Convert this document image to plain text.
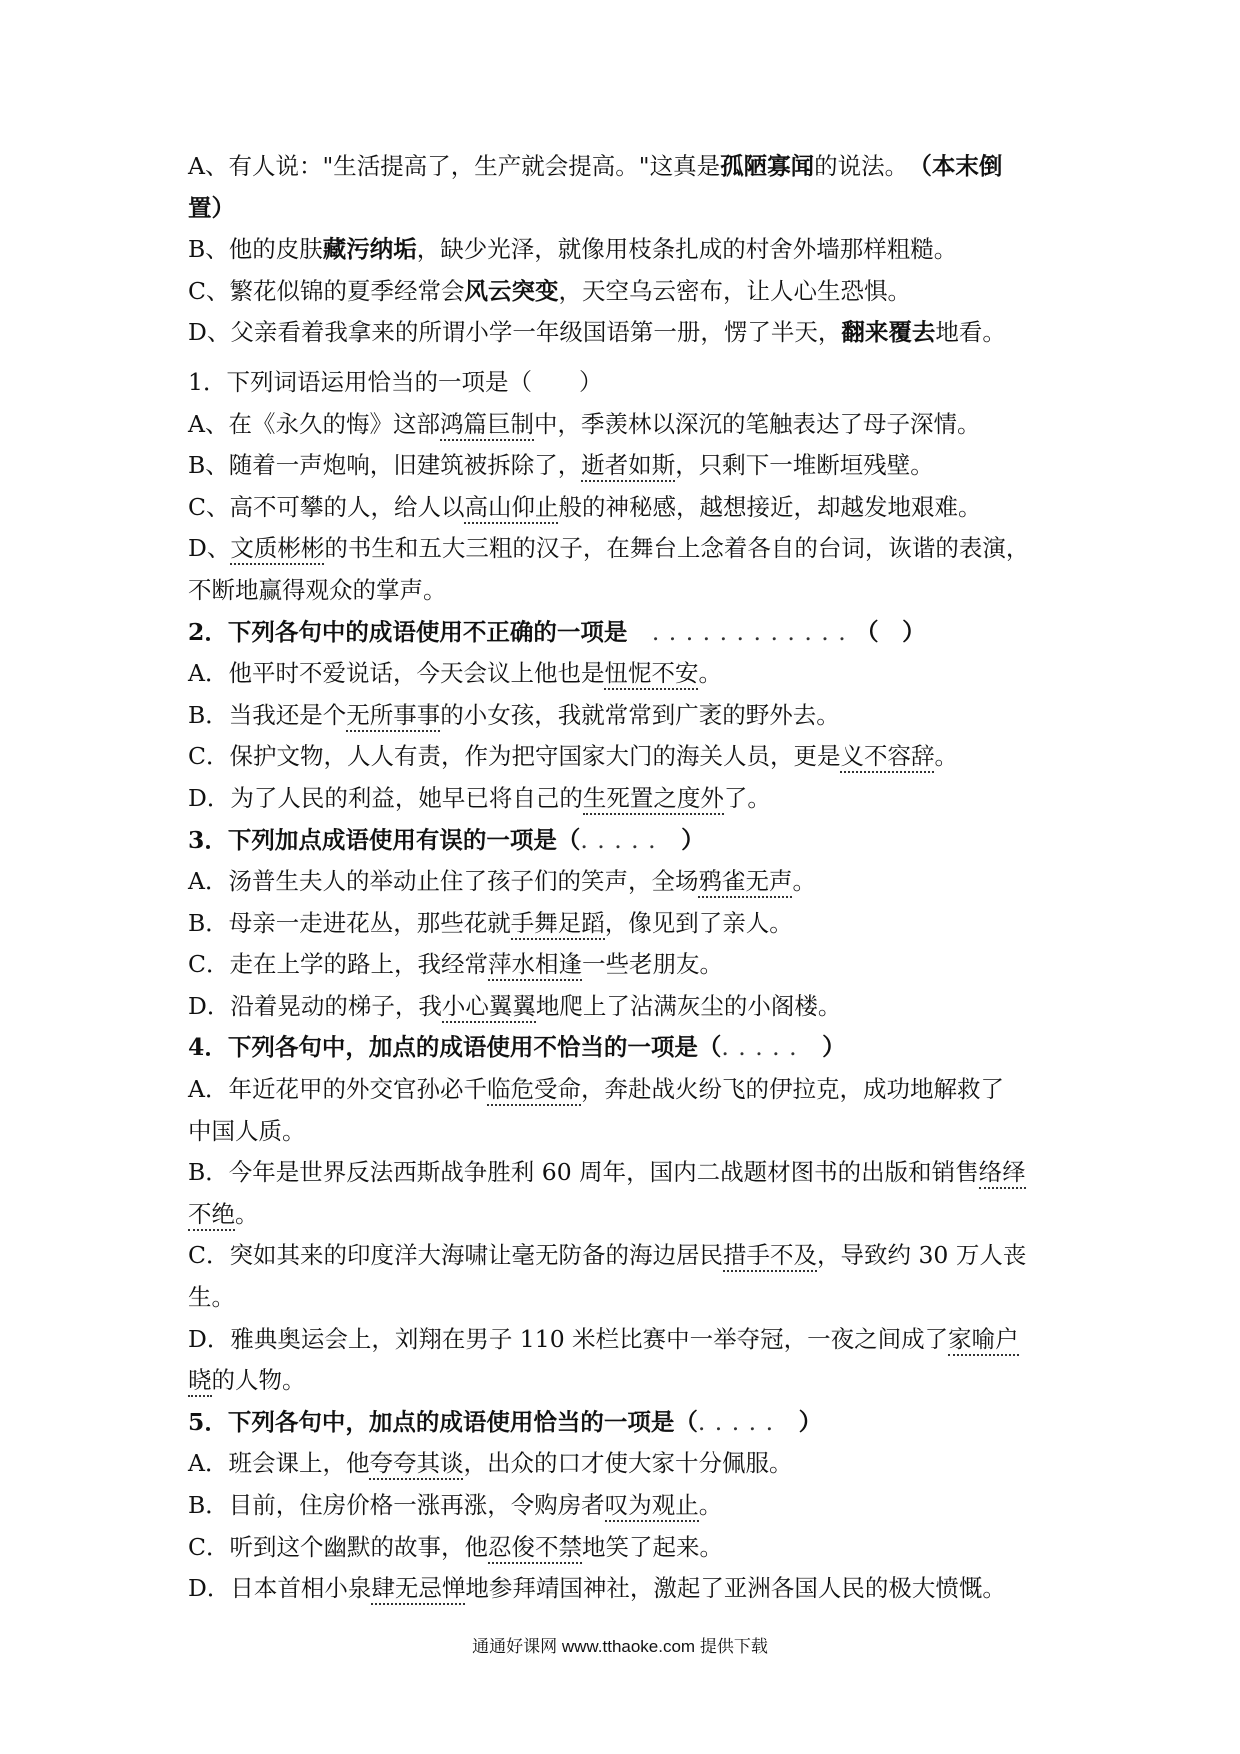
A、有人说："生活提高了，生产就会提高。"这真是孤陋寡闻的说法。 （本末倒
置）
B、他的皮肤藏污纳垢，缺少光泽，就像用枝条扎成的村舍外墙那样粗糙。
C、繁花似锦的夏季经常会风云突变，天空乌云密布，让人心生恐惧。
D、父亲看着我拿来的所谓小学一年级国语第一册，愣了半天，翻来覆去地看。
1．下列词语运用恰当的一项是（　　）
A、在《永久的悔》这部鸿篇巨制中，季羡林以深沉的笔触表达了母子深情。
B、随着一声炮响，旧建筑被拆除了，逝者如斯，只剩下一堆断垣残壁。
C、高不可攀的人，给人以高山仰止般的神秘感，越想接近，却越发地艰难。
D、文质彬彬的书生和五大三粗的汉子，在舞台上念着各自的台词，诙谐的表演，
不断地赢得观众的掌声。
2．下列各句中的成语使用不正确的一项是　. . . . . . . . . . . . （　）
A．他平时不爱说话，今天会议上他也是忸怩不安。
B．当我还是个无所事事的小女孩，我就常常到广袤的野外去。
C．保护文物，人人有责，作为把守国家大门的海关人员，更是义不容辞。
D．为了人民的利益，她早已将自己的生死置之度外了。
3．下列加点成语使用有误的一项是（. . . . .　）
A．汤普生夫人的举动止住了孩子们的笑声，全场鸦雀无声。
B．母亲一走进花丛，那些花就手舞足蹈，像见到了亲人。
C．走在上学的路上，我经常萍水相逢一些老朋友。
D．沿着晃动的梯子，我小心翼翼地爬上了沾满灰尘的小阁楼。
4．下列各句中，加点的成语使用不恰当的一项是（. . . . .　）
A．年近花甲的外交官孙必千临危受命，奔赴战火纷飞的伊拉克，成功地解救了
中国人质。
B．今年是世界反法西斯战争胜利 60 周年，国内二战题材图书的出版和销售络绎
不绝。
C．突如其来的印度洋大海啸让毫无防备的海边居民措手不及，导致约 30 万人丧
生。
D．雅典奥运会上，刘翔在男子 110 米栏比赛中一举夺冠，一夜之间成了家喻户
晓的人物。
5．下列各句中，加点的成语使用恰当的一项是（. . . . .　）
A．班会课上，他夸夸其谈，出众的口才使大家十分佩服。
B．目前，住房价格一涨再涨，令购房者叹为观止。
C．听到这个幽默的故事，他忍俊不禁地笑了起来。
D．日本首相小泉肆无忌惮地参拜靖国神社，激起了亚洲各国人民的极大愤慨。
通通好课网 www.tthaoke.com 提供下载
